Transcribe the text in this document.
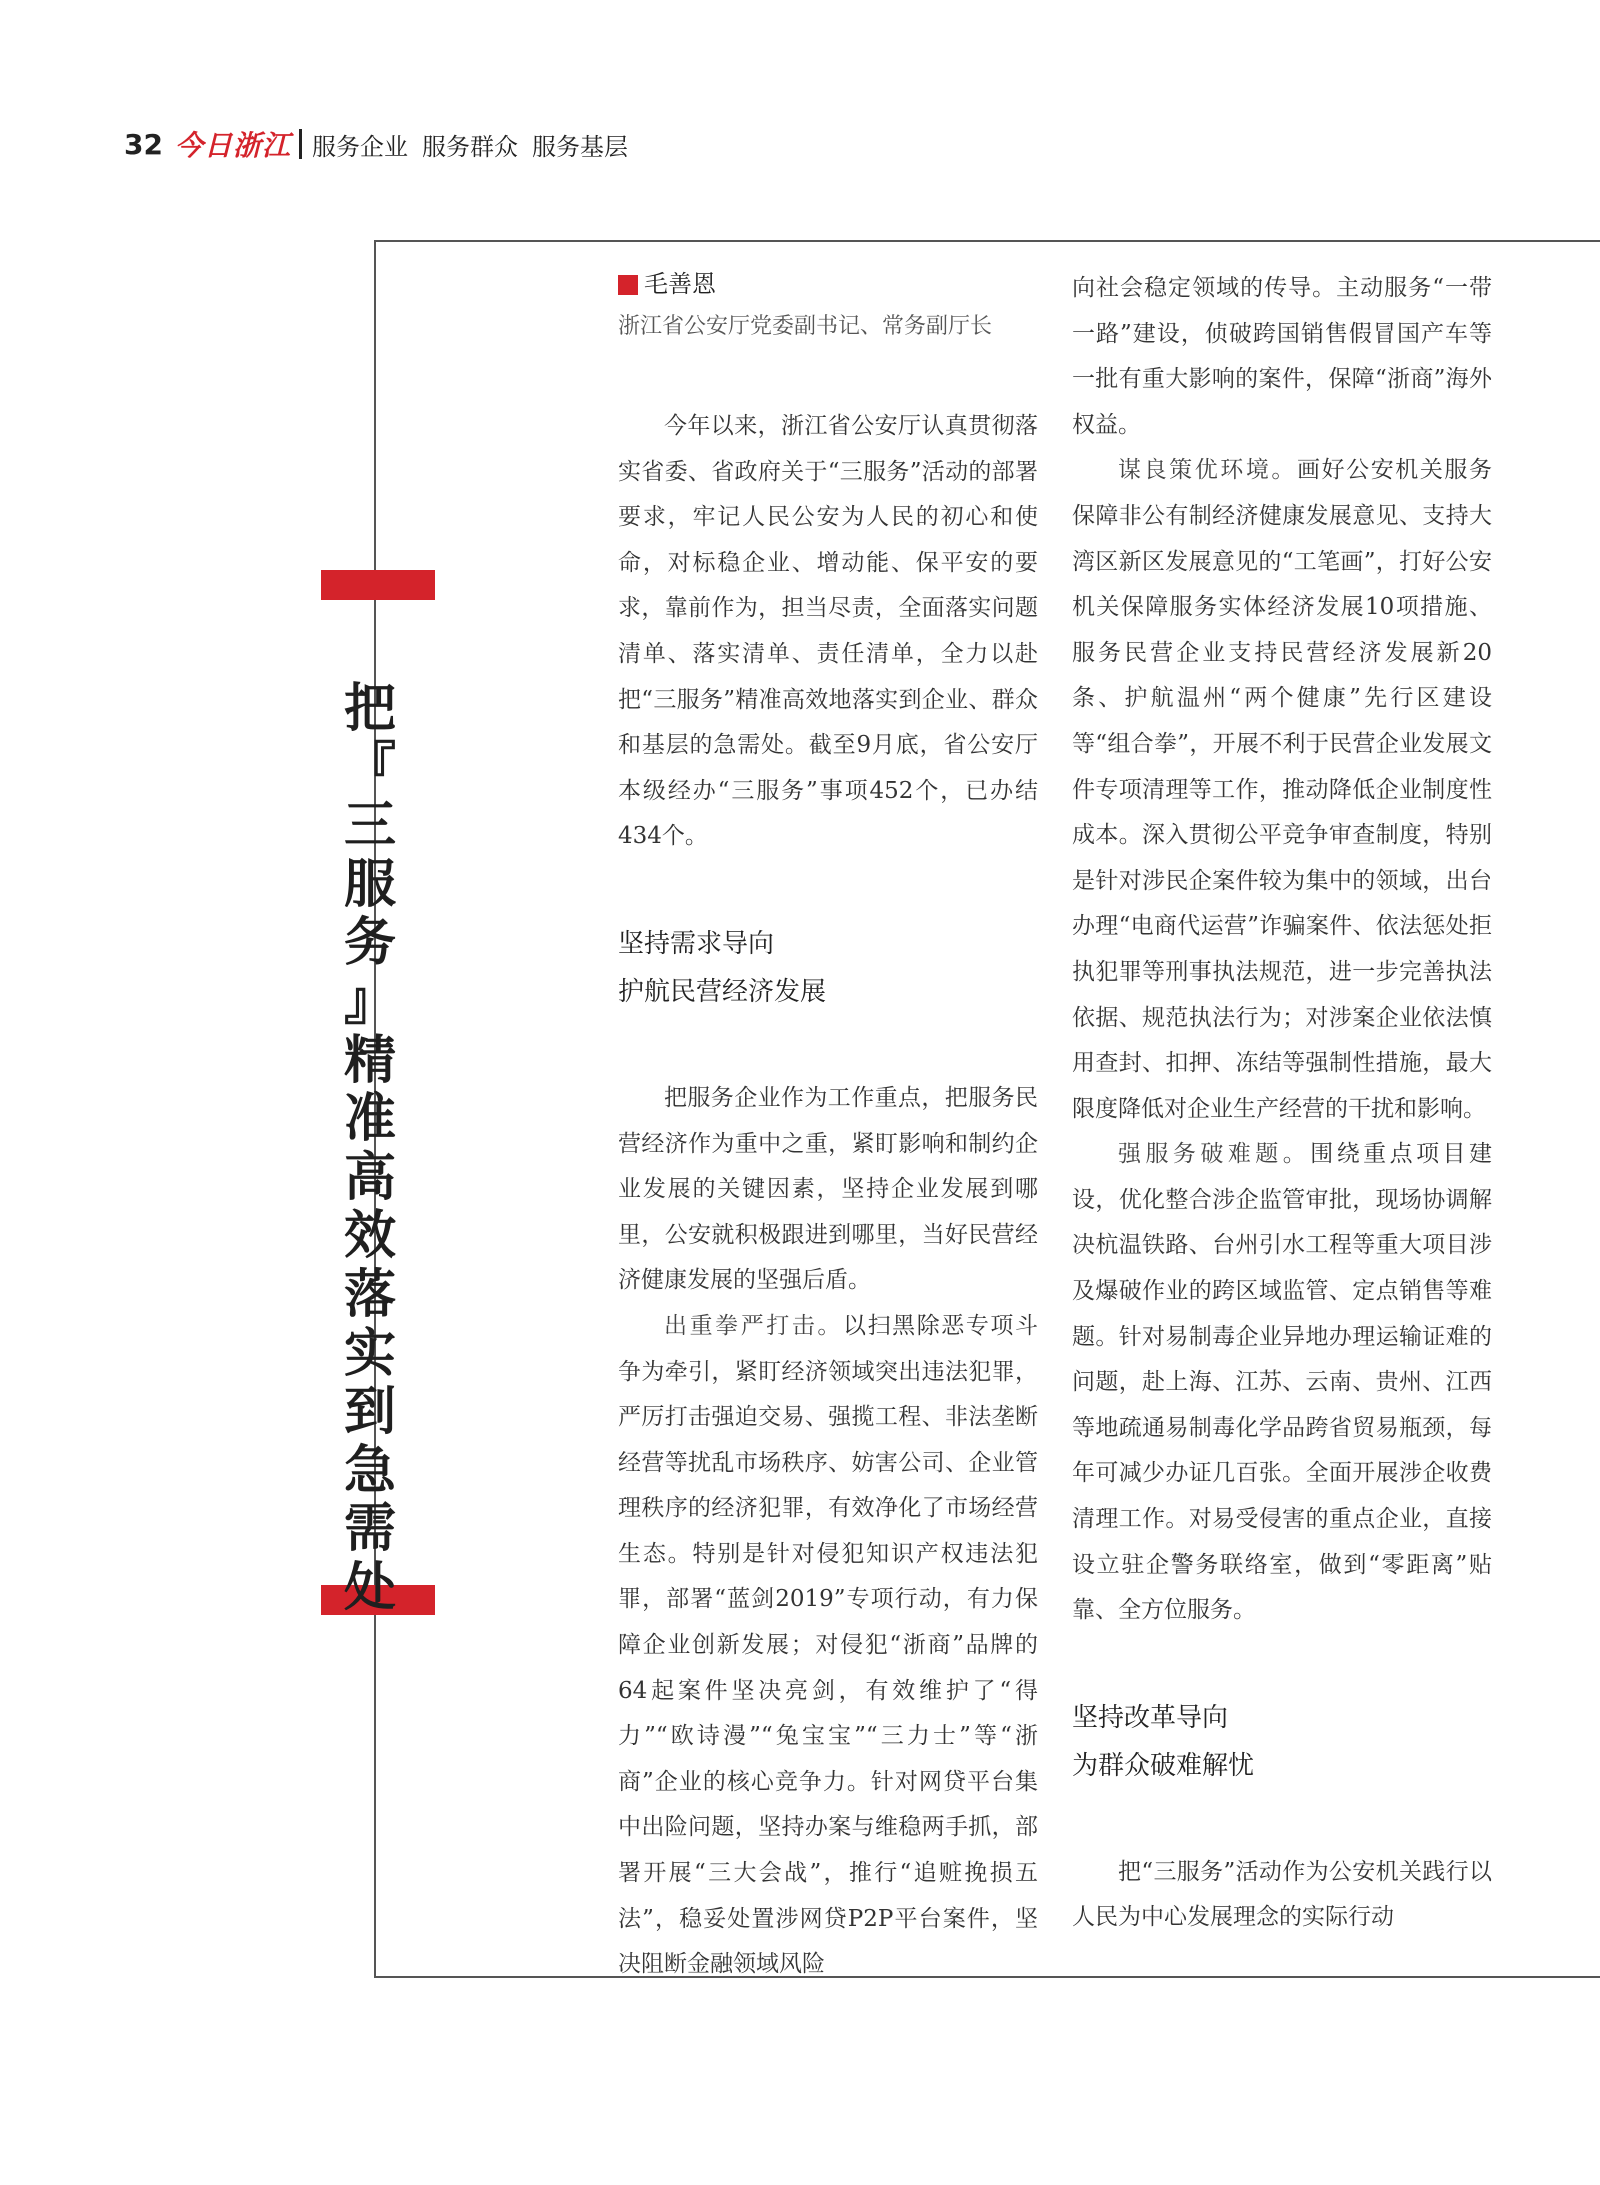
32 今日浙江 服务企业 服务群众 服务基层
把
『
三
服
务
』
精
准
高
效
落
实
到
急
需
处
毛善恩

浙江省公安厅党委副书记、常务副厅长

今年以来，浙江省公安厅认真贯彻落实省委、省政府关于“三服务”活动的部署要求，牢记人民公安为人民的初心和使命，对标稳企业、增动能、保平安的要求，靠前作为，担当尽责，全面落实问题清单、落实清单、责任清单，全力以赴把“三服务”精准高效地落实到企业、群众和基层的急需处。截至9月底，省公安厅本级经办“三服务”事项452个，已办结434个。

坚持需求导向

护航民营经济发展

把服务企业作为工作重点，把服务民营经济作为重中之重，紧盯影响和制约企业发展的关键因素，坚持企业发展到哪里，公安就积极跟进到哪里，当好民营经济健康发展的坚强后盾。

出重拳严打击。以扫黑除恶专项斗争为牵引，紧盯经济领域突出违法犯罪，严厉打击强迫交易、强揽工程、非法垄断经营等扰乱市场秩序、妨害公司、企业管理秩序的经济犯罪，有效净化了市场经营生态。特别是针对侵犯知识产权违法犯罪，部署“蓝剑2019”专项行动，有力保障企业创新发展；对侵犯“浙商”品牌的64起案件坚决亮剑，有效维护了“得力”“欧诗漫”“兔宝宝”“三力士”等“浙商”企业的核心竞争力。针对网贷平台集中出险问题，坚持办案与维稳两手抓，部署开展“三大会战”，推行“追赃挽损五法”，稳妥处置涉网贷P2P平台案件，坚决阻断金融领域风险

向社会稳定领域的传导。主动服务“一带一路”建设，侦破跨国销售假冒国产车等一批有重大影响的案件，保障“浙商”海外权益。

谋良策优环境。画好公安机关服务保障非公有制经济健康发展意见、支持大湾区新区发展意见的“工笔画”，打好公安机关保障服务实体经济发展10项措施、服务民营企业支持民营经济发展新20条、护航温州“两个健康”先行区建设等“组合拳”，开展不利于民营企业发展文件专项清理等工作，推动降低企业制度性成本。深入贯彻公平竞争审查制度，特别是针对涉民企案件较为集中的领域，出台办理“电商代运营”诈骗案件、依法惩处拒执犯罪等刑事执法规范，进一步完善执法依据、规范执法行为；对涉案企业依法慎用查封、扣押、冻结等强制性措施，最大限度降低对企业生产经营的干扰和影响。

强服务破难题。围绕重点项目建设，优化整合涉企监管审批，现场协调解决杭温铁路、台州引水工程等重大项目涉及爆破作业的跨区域监管、定点销售等难题。针对易制毒企业异地办理运输证难的问题，赴上海、江苏、云南、贵州、江西等地疏通易制毒化学品跨省贸易瓶颈，每年可减少办证几百张。全面开展涉企收费清理工作。对易受侵害的重点企业，直接设立驻企警务联络室，做到“零距离”贴靠、全方位服务。

坚持改革导向

为群众破难解忧

把“三服务”活动作为公安机关践行以人民为中心发展理念的实际行动
